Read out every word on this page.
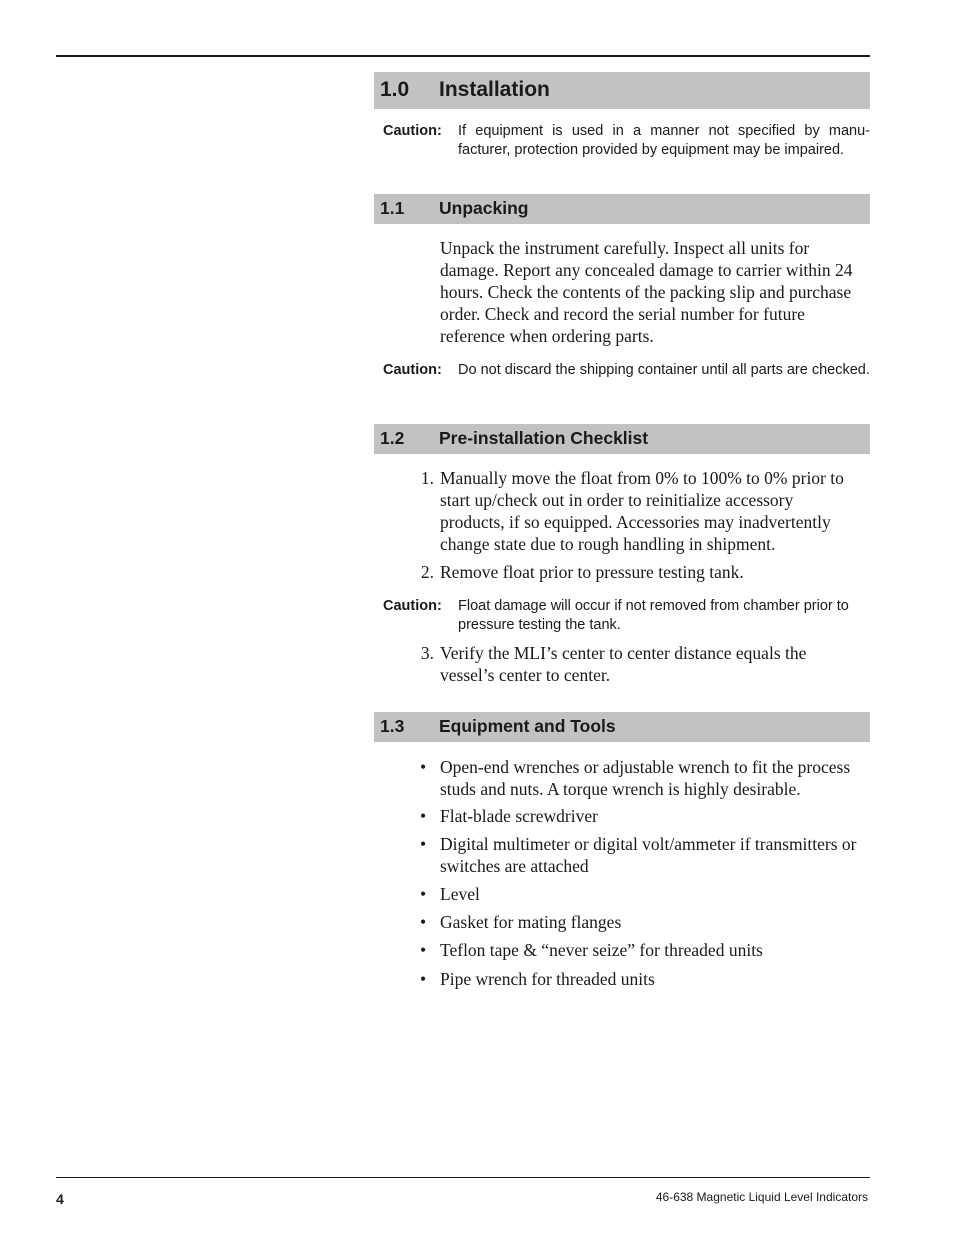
1.0 Installation
Caution: If equipment is used in a manner not specified by manu-facturer, protection provided by equipment may be impaired.
1.1 Unpacking
Unpack the instrument carefully. Inspect all units for damage. Report any concealed damage to carrier within 24 hours. Check the contents of the packing slip and purchase order. Check and record the serial number for future reference when ordering parts.
Caution: Do not discard the shipping container until all parts are checked.
1.2 Pre-installation Checklist
1. Manually move the float from 0% to 100% to 0% prior to start up/check out in order to reinitialize accessory products, if so equipped. Accessories may inadvertently change state due to rough handling in shipment.
2. Remove float prior to pressure testing tank.
Caution: Float damage will occur if not removed from chamber prior to pressure testing the tank.
3. Verify the MLI’s center to center distance equals the vessel’s center to center.
1.3 Equipment and Tools
• Open-end wrenches or adjustable wrench to fit the process studs and nuts. A torque wrench is highly desirable.
• Flat-blade screwdriver
• Digital multimeter or digital volt/ammeter if transmitters or switches are attached
• Level
• Gasket for mating flanges
• Teflon tape & “never seize” for threaded units
• Pipe wrench for threaded units
4	46-638 Magnetic Liquid Level Indicators
